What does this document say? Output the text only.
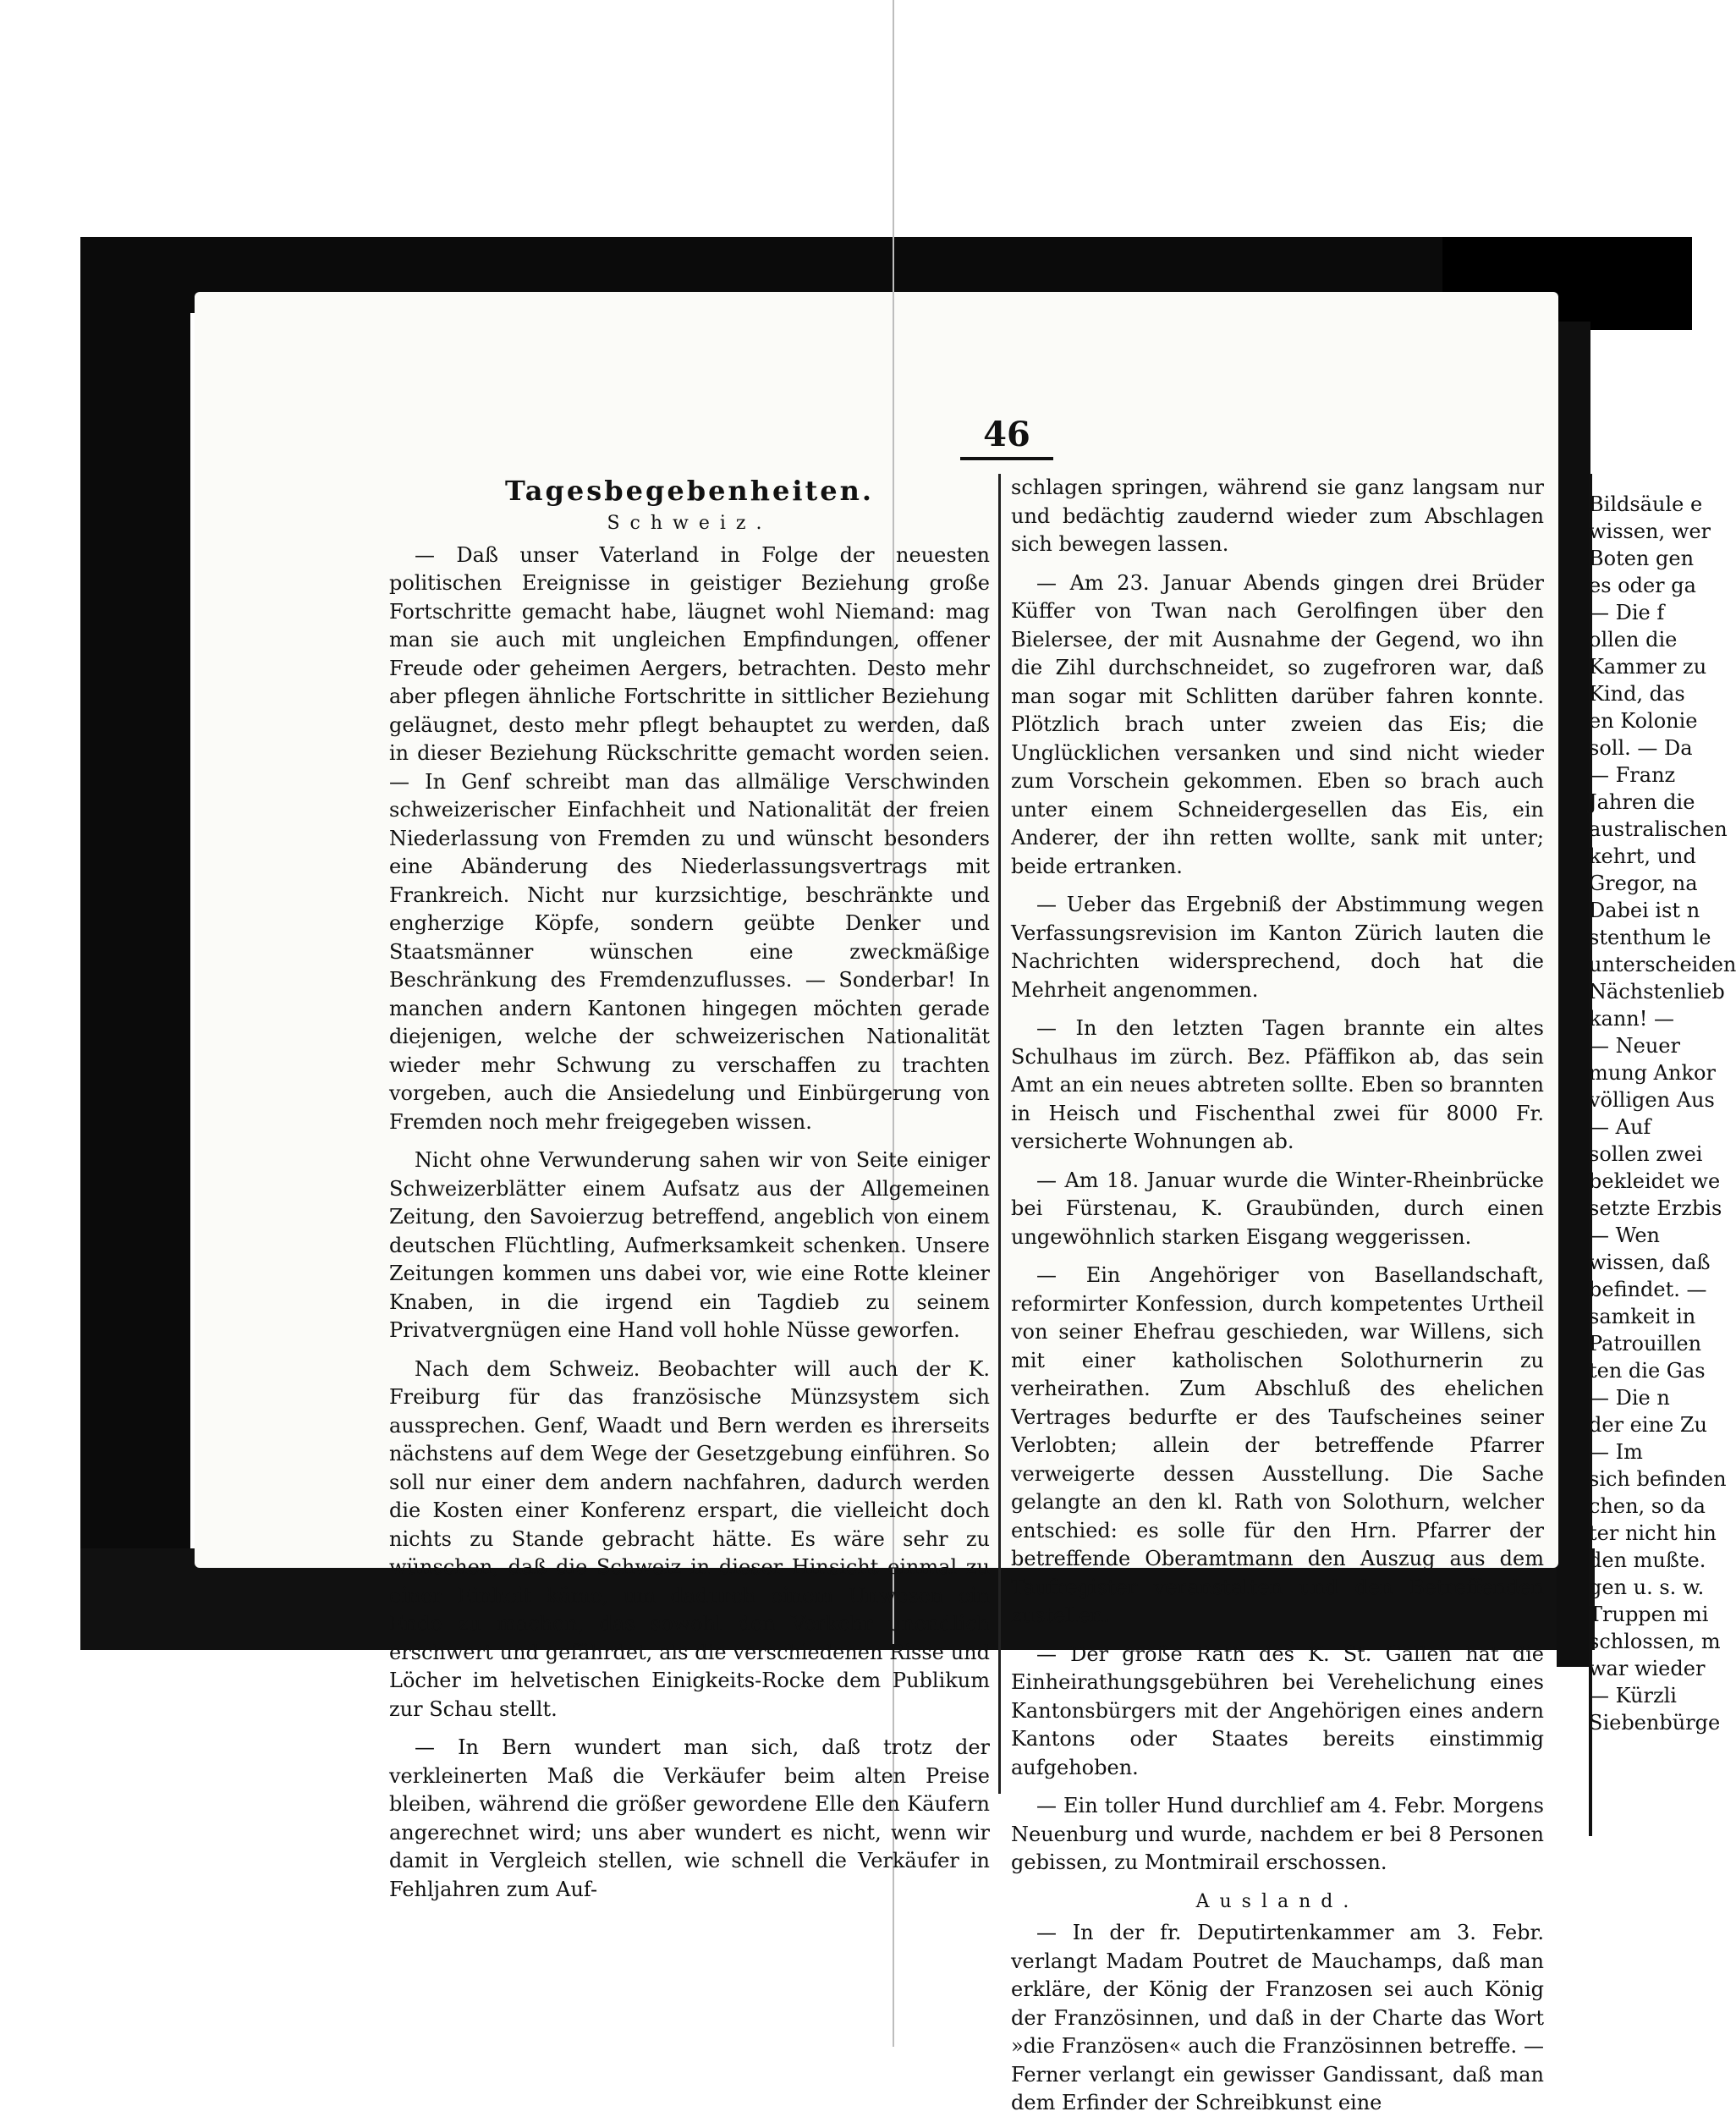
46
Tagesbegebenheiten.
Schweiz.

— Daß unser Vaterland in Folge der neuesten politischen Ereignisse in geistiger Beziehung große Fortschritte gemacht habe, läugnet wohl Niemand: mag man sie auch mit ungleichen Empfindungen, offener Freude oder geheimen Aergers, betrachten. Desto mehr aber pflegen ähnliche Fortschritte in sittlicher Beziehung geläugnet, desto mehr pflegt behauptet zu werden, daß in dieser Beziehung Rückschritte gemacht worden seien. — In Genf schreibt man das allmälige Verschwinden schweizerischer Einfachheit und Nationalität der freien Niederlassung von Fremden zu und wünscht besonders eine Abänderung des Niederlassungsvertrags mit Frankreich. Nicht nur kurzsichtige, beschränkte und engherzige Köpfe, sondern geübte Denker und Staatsmänner wünschen eine zweckmäßige Beschränkung des Fremdenzuflusses. — Sonderbar! In manchen andern Kantonen hingegen möchten gerade diejenigen, welche der schweizerischen Nationalität wieder mehr Schwung zu verschaffen zu trachten vorgeben, auch die Ansiedelung und Einbürgerung von Fremden noch mehr freigegeben wissen.

Nicht ohne Verwunderung sahen wir von Seite einiger Schweizerblätter einem Aufsatz aus der Allgemeinen Zeitung, den Savoierzug betreffend, angeblich von einem deutschen Flüchtling, Aufmerksamkeit schenken. Unsere Zeitungen kommen uns dabei vor, wie eine Rotte kleiner Knaben, in die irgend ein Tagdieb zu seinem Privatvergnügen eine Hand voll hohle Nüsse geworfen.

Nach dem Schweiz. Beobachter will auch der K. Freiburg für das französische Münzsystem sich aussprechen. Genf, Waadt und Bern werden es ihrerseits nächstens auf dem Wege der Gesetzgebung einführen. So soll nur einer dem andern nachfahren, dadurch werden die Kosten einer Konferenz erspart, die vielleicht doch nichts zu Stande gebracht hätte. Es wäre sehr zu wünschen, daß die Schweiz in dieser Hinsicht einmal zu einer Einheit käme, um dadurch einem Unwesen ein Ende zu machen, das sowohl den Verkehr unendlich erschwert und gefährdet, als die verschiedenen Risse und Löcher im helvetischen Einigkeits-Rocke dem Publikum zur Schau stellt.

— In Bern wundert man sich, daß trotz der verkleinerten Maß die Verkäufer beim alten Preise bleiben, während die größer gewordene Elle den Käufern angerechnet wird; uns aber wundert es nicht, wenn wir damit in Vergleich stellen, wie schnell die Verkäufer in Fehljahren zum Auf-

schlagen springen, während sie ganz langsam nur und bedächtig zaudernd wieder zum Abschlagen sich bewegen lassen.

— Am 23. Januar Abends gingen drei Brüder Küffer von Twan nach Gerolfingen über den Bielersee, der mit Ausnahme der Gegend, wo ihn die Zihl durchschneidet, so zugefroren war, daß man sogar mit Schlitten darüber fahren konnte. Plötzlich brach unter zweien das Eis; die Unglücklichen versanken und sind nicht wieder zum Vorschein gekommen. Eben so brach auch unter einem Schneidergesellen das Eis, ein Anderer, der ihn retten wollte, sank mit unter; beide ertranken.

— Ueber das Ergebniß der Abstimmung wegen Verfassungsrevision im Kanton Zürich lauten die Nachrichten widersprechend, doch hat die Mehrheit angenommen.

— In den letzten Tagen brannte ein altes Schulhaus im zürch. Bez. Pfäffikon ab, das sein Amt an ein neues abtreten sollte. Eben so brannten in Heisch und Fischenthal zwei für 8000 Fr. versicherte Wohnungen ab.

— Am 18. Januar wurde die Winter-Rheinbrücke bei Fürstenau, K. Graubünden, durch einen ungewöhnlich starken Eisgang weggerissen.

— Ein Angehöriger von Basellandschaft, reformirter Konfession, durch kompetentes Urtheil von seiner Ehefrau geschieden, war Willens, sich mit einer katholischen Solothurnerin zu verheirathen. Zum Abschluß des ehelichen Vertrages bedurfte er des Taufscheines seiner Verlobten; allein der betreffende Pfarrer verweigerte dessen Ausstellung. Die Sache gelangte an den kl. Rath von Solothurn, welcher entschied: es solle für den Hrn. Pfarrer der betreffende Oberamtmann den Auszug aus dem Taufregister veranstalten und den Betreffenden zustellen.

— Der große Rath des K. St. Gallen hat die Einheirathungsgebühren bei Verehelichung eines Kantonsbürgers mit der Angehörigen eines andern Kantons oder Staates bereits einstimmig aufgehoben.

— Ein toller Hund durchlief am 4. Febr. Morgens Neuenburg und wurde, nachdem er bei 8 Personen gebissen, zu Montmirail erschossen.

Ausland.

— In der fr. Deputirtenkammer am 3. Febr. verlangt Madam Poutret de Mauchamps, daß man erkläre, der König der Franzosen sei auch König der Französinnen, und daß in der Charte das Wort »die Französen« auch die Französinnen betreffe. — Ferner verlangt ein gewisser Gandissant, daß man dem Erfinder der Schreibkunst eine

Bildsäule e
wissen, wer
Boten gen
es oder ga
— Die f
ollen die
Kammer zu
Kind, das
en Kolonie
soll. — Da
— Franz
Jahren die
australischen
kehrt, und
Gregor, na
Dabei ist n
stenthum le
unterscheiden
Nächstenlieb
kann! —
— Neuer
mung Ankor
völligen Aus
— Auf
sollen zwei
bekleidet we
setzte Erzbis
— Wen
wissen, daß
befindet. —
samkeit in
Patrouillen
ten die Gas
— Die n
der eine Zu
— Im
sich befinden
chen, so da
ter nicht hin
den mußte.
gen u. s. w.
Truppen mi
schlossen, m
war wieder
— Kürzli
Siebenbürge
